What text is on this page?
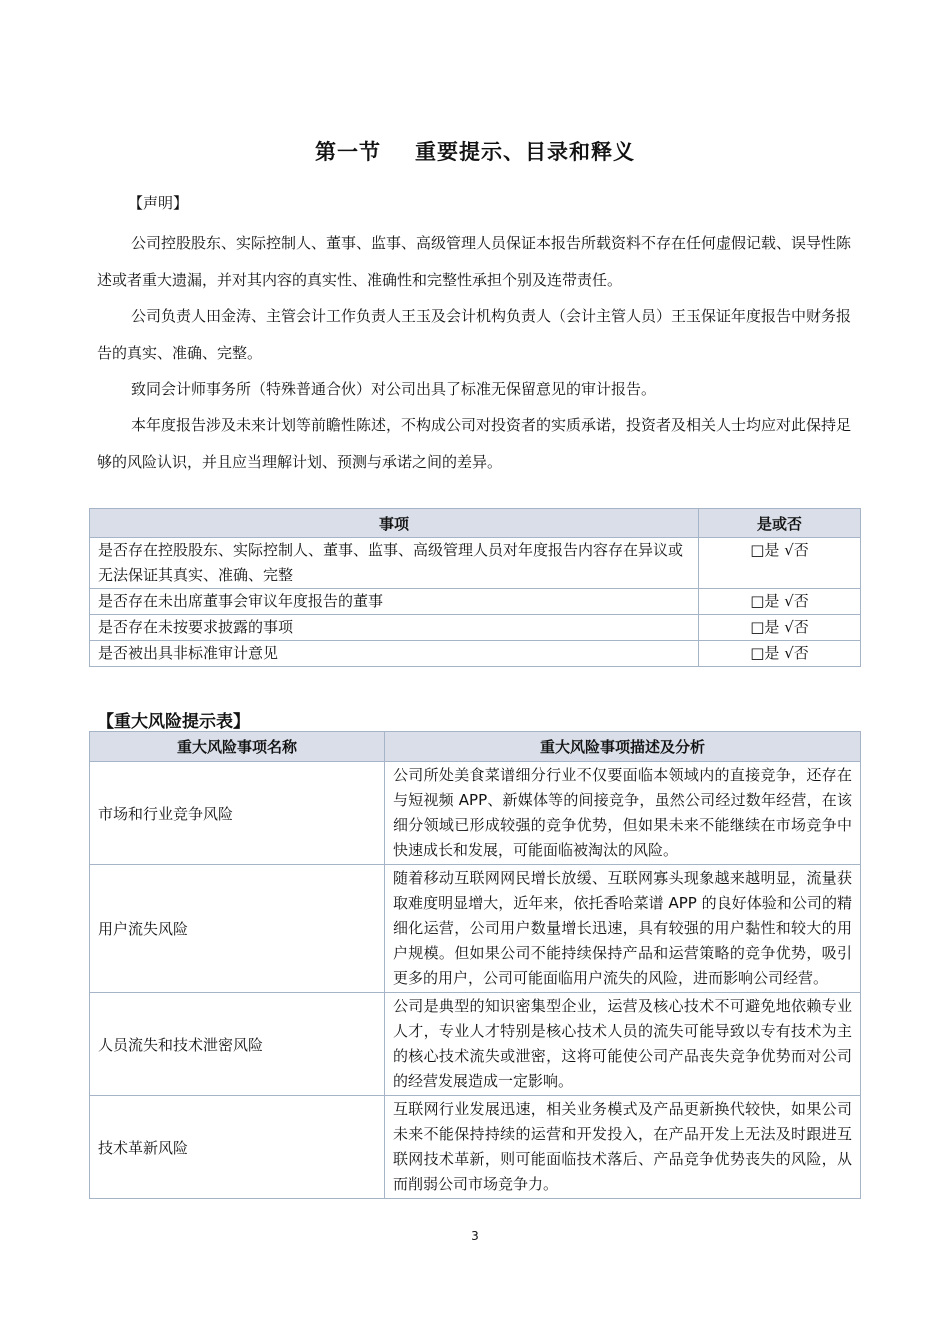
第一节 重要提示、目录和释义
【声明】

公司控股股东、实际控制人、董事、监事、高级管理人员保证本报告所载资料不存在任何虚假记载、误导性陈述或者重大遗漏，并对其内容的真实性、准确性和完整性承担个别及连带责任。

公司负责人田金涛、主管会计工作负责人王玉及会计机构负责人（会计主管人员）王玉保证年度报告中财务报告的真实、准确、完整。

致同会计师事务所（特殊普通合伙）对公司出具了标准无保留意见的审计报告。

本年度报告涉及未来计划等前瞻性陈述，不构成公司对投资者的实质承诺，投资者及相关人士均应对此保持足够的风险认识，并且应当理解计划、预测与承诺之间的差异。

事项	是或否
是否存在控股股东、实际控制人、董事、监事、高级管理人员对年度报告内容存在异议或无法保证其真实、准确、完整	□是 √否
是否存在未出席董事会审议年度报告的董事	□是 √否
是否存在未按要求披露的事项	□是 √否
是否被出具非标准审计意见	□是 √否
【重大风险提示表】
重大风险事项名称	重大风险事项描述及分析
市场和行业竞争风险	公司所处美食菜谱细分行业不仅要面临本领域内的直接竞争，还存在与短视频 APP、新媒体等的间接竞争，虽然公司经过数年经营，在该细分领域已形成较强的竞争优势，但如果未来不能继续在市场竞争中快速成长和发展，可能面临被淘汰的风险。
用户流失风险	随着移动互联网网民增长放缓、互联网寡头现象越来越明显，流量获取难度明显增大，近年来，依托香哈菜谱 APP 的良好体验和公司的精细化运营，公司用户数量增长迅速，具有较强的用户黏性和较大的用户规模。但如果公司不能持续保持产品和运营策略的竞争优势，吸引更多的用户，公司可能面临用户流失的风险，进而影响公司经营。
人员流失和技术泄密风险	公司是典型的知识密集型企业，运营及核心技术不可避免地依赖专业人才，专业人才特别是核心技术人员的流失可能导致以专有技术为主的核心技术流失或泄密，这将可能使公司产品丧失竞争优势而对公司的经营发展造成一定影响。
技术革新风险	互联网行业发展迅速，相关业务模式及产品更新换代较快，如果公司未来不能保持持续的运营和开发投入，在产品开发上无法及时跟进互联网技术革新，则可能面临技术落后、产品竞争优势丧失的风险，从而削弱公司市场竞争力。
3
